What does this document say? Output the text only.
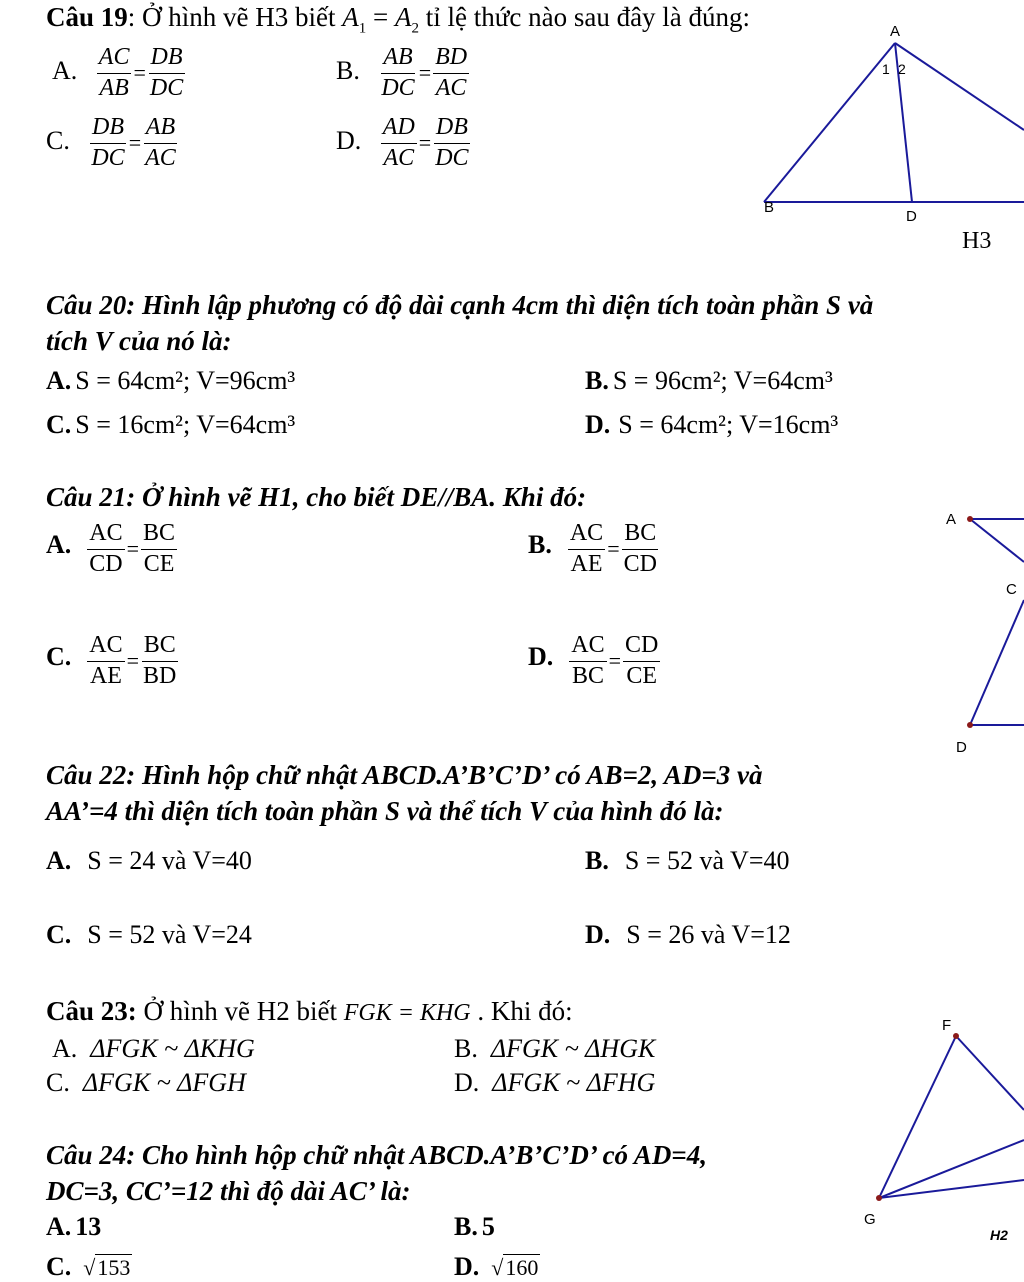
Câu 19: Ở hình vẽ H3 biết $A_1 = A_2$ tỉ lệ thức nào sau đây là đúng:
A. $\frac{AC}{AB} = \frac{DB}{DC}$	B. $\frac{AB}{DC} = \frac{BD}{AC}$
C. $\frac{DB}{DC} = \frac{AB}{AC}$	D. $\frac{AD}{AC} = \frac{DB}{DC}$
A
1 2
B
D
H3
Câu 20: Hình lập phương có độ dài cạnh 4cm thì diện tích toàn phần S và
tích V của nó là:
A. S = 64cm²; V=96cm³	B. S = 96cm²; V=64cm³
C. S = 16cm²; V=64cm³	D. S = 64cm²; V=16cm³
Câu 21: Ở hình vẽ H1, cho biết DE//BA. Khi đó:
A. $\frac{AC}{CD} = \frac{BC}{CE}$	B. $\frac{AC}{AE} = \frac{BC}{CD}$
C. $\frac{AC}{AE} = \frac{BC}{BD}$	D. $\frac{AC}{BC} = \frac{CD}{CE}$
A
C
D
Câu 22: Hình hộp chữ nhật ABCD.A’B’C’D’ có AB=2, AD=3 và
AA’=4 thì diện tích toàn phần S và thể tích V của hình đó là:
A. S = 24 và V=40	B. S = 52 và V=40
C. S = 52 và V=24	D. S = 26 và V=12
Câu 23: Ở hình vẽ H2 biết FGK = KHG . Khi đó:
A. ΔFGK ~ ΔKHG	B. ΔFGK ~ ΔHGK
C. ΔFGK ~ ΔFGH	D. ΔFGK ~ ΔFHG
F
G
H2
Câu 24: Cho hình hộp chữ nhật ABCD.A’B’C’D’ có AD=4,
DC=3, CC’=12 thì độ dài AC’ là:
A. 13	B. 5
C. √153	D. √160
